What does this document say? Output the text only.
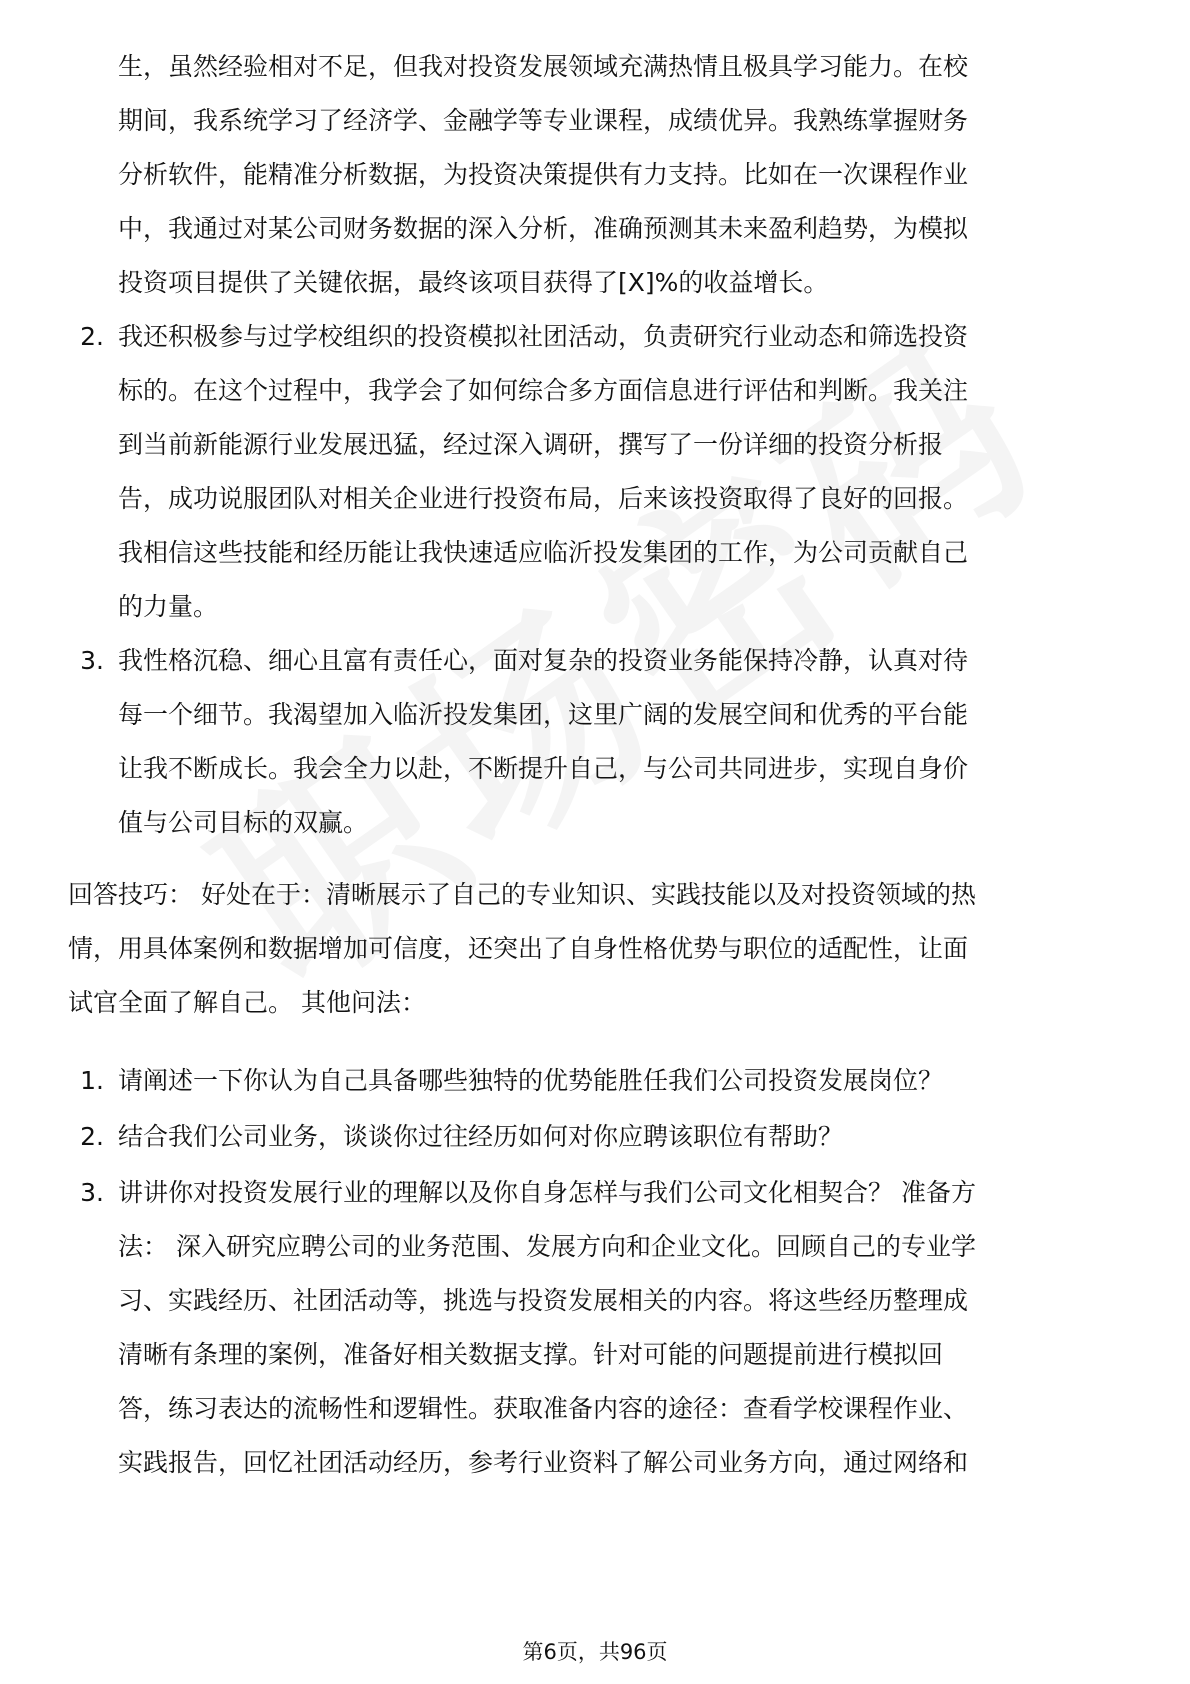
生，虽然经验相对不足，但我对投资发展领域充满热情且极具学习能力。在校
期间，我系统学习了经济学、金融学等专业课程，成绩优异。我熟练掌握财务
分析软件，能精准分析数据，为投资决策提供有力支持。比如在一次课程作业
中，我通过对某公司财务数据的深入分析，准确预测其未来盈利趋势，为模拟
投资项目提供了关键依据，最终该项目获得了[X]%的收益增长。
2. 我还积极参与过学校组织的投资模拟社团活动，负责研究行业动态和筛选投资
标的。在这个过程中，我学会了如何综合多方面信息进行评估和判断。我关注
到当前新能源行业发展迅猛，经过深入调研，撰写了一份详细的投资分析报
告，成功说服团队对相关企业进行投资布局，后来该投资取得了良好的回报。
我相信这些技能和经历能让我快速适应临沂投发集团的工作，为公司贡献自己
的力量。
3. 我性格沉稳、细心且富有责任心，面对复杂的投资业务能保持冷静，认真对待
每一个细节。我渴望加入临沂投发集团，这里广阔的发展空间和优秀的平台能
让我不断成长。我会全力以赴，不断提升自己，与公司共同进步，实现自身价
值与公司目标的双赢。
回答技巧： 好处在于：清晰展示了自己的专业知识、实践技能以及对投资领域的热
情，用具体案例和数据增加可信度，还突出了自身性格优势与职位的适配性，让面
试官全面了解自己。 其他问法：
1. 请阐述一下你认为自己具备哪些独特的优势能胜任我们公司投资发展岗位？
2. 结合我们公司业务，谈谈你过往经历如何对你应聘该职位有帮助？
3. 讲讲你对投资发展行业的理解以及你自身怎样与我们公司文化相契合？ 准备方
法： 深入研究应聘公司的业务范围、发展方向和企业文化。回顾自己的专业学
习、实践经历、社团活动等，挑选与投资发展相关的内容。将这些经历整理成
清晰有条理的案例，准备好相关数据支撑。针对可能的问题提前进行模拟回
答，练习表达的流畅性和逻辑性。获取准备内容的途径：查看学校课程作业、
实践报告，回忆社团活动经历，参考行业资料了解公司业务方向，通过网络和
第6页，共96页
